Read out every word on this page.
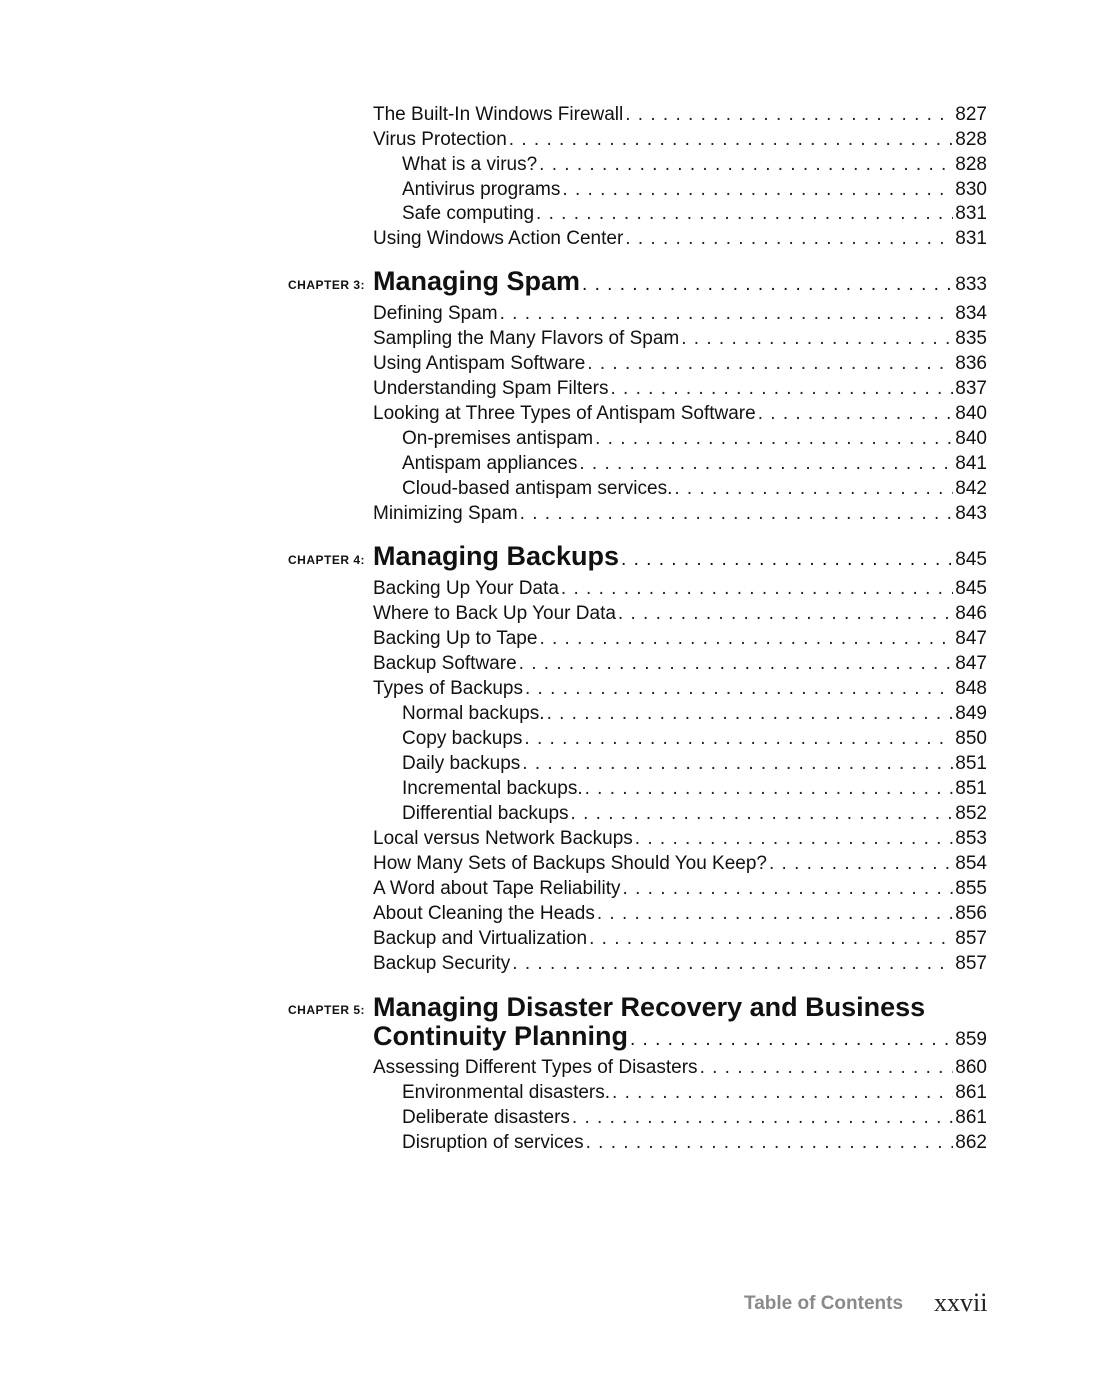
The Built-In Windows Firewall . . .	827
Virus Protection . . .	828
What is a virus? . . .	828
Antivirus programs . . .	830
Safe computing . . .	831
Using Windows Action Center . . .	831
CHAPTER 3: Managing Spam . . .	833
Defining Spam . . .	834
Sampling the Many Flavors of Spam . . .	835
Using Antispam Software . . .	836
Understanding Spam Filters . . .	837
Looking at Three Types of Antispam Software . . .	840
On-premises antispam . . .	840
Antispam appliances . . .	841
Cloud-based antispam services. . . .	842
Minimizing Spam . . .	843
CHAPTER 4: Managing Backups . . .	845
Backing Up Your Data . . .	845
Where to Back Up Your Data . . .	846
Backing Up to Tape . . .	847
Backup Software . . .	847
Types of Backups . . .	848
Normal backups. . . .	849
Copy backups . . .	850
Daily backups . . .	851
Incremental backups. . . .	851
Differential backups . . .	852
Local versus Network Backups . . .	853
How Many Sets of Backups Should You Keep? . . .	854
A Word about Tape Reliability . . .	855
About Cleaning the Heads . . .	856
Backup and Virtualization . . .	857
Backup Security . . .	857
CHAPTER 5: Managing Disaster Recovery and Business
Continuity Planning . . .	859
Assessing Different Types of Disasters . . .	860
Environmental disasters. . . .	861
Deliberate disasters . . .	861
Disruption of services . . .	862
Table of Contents xxvii
